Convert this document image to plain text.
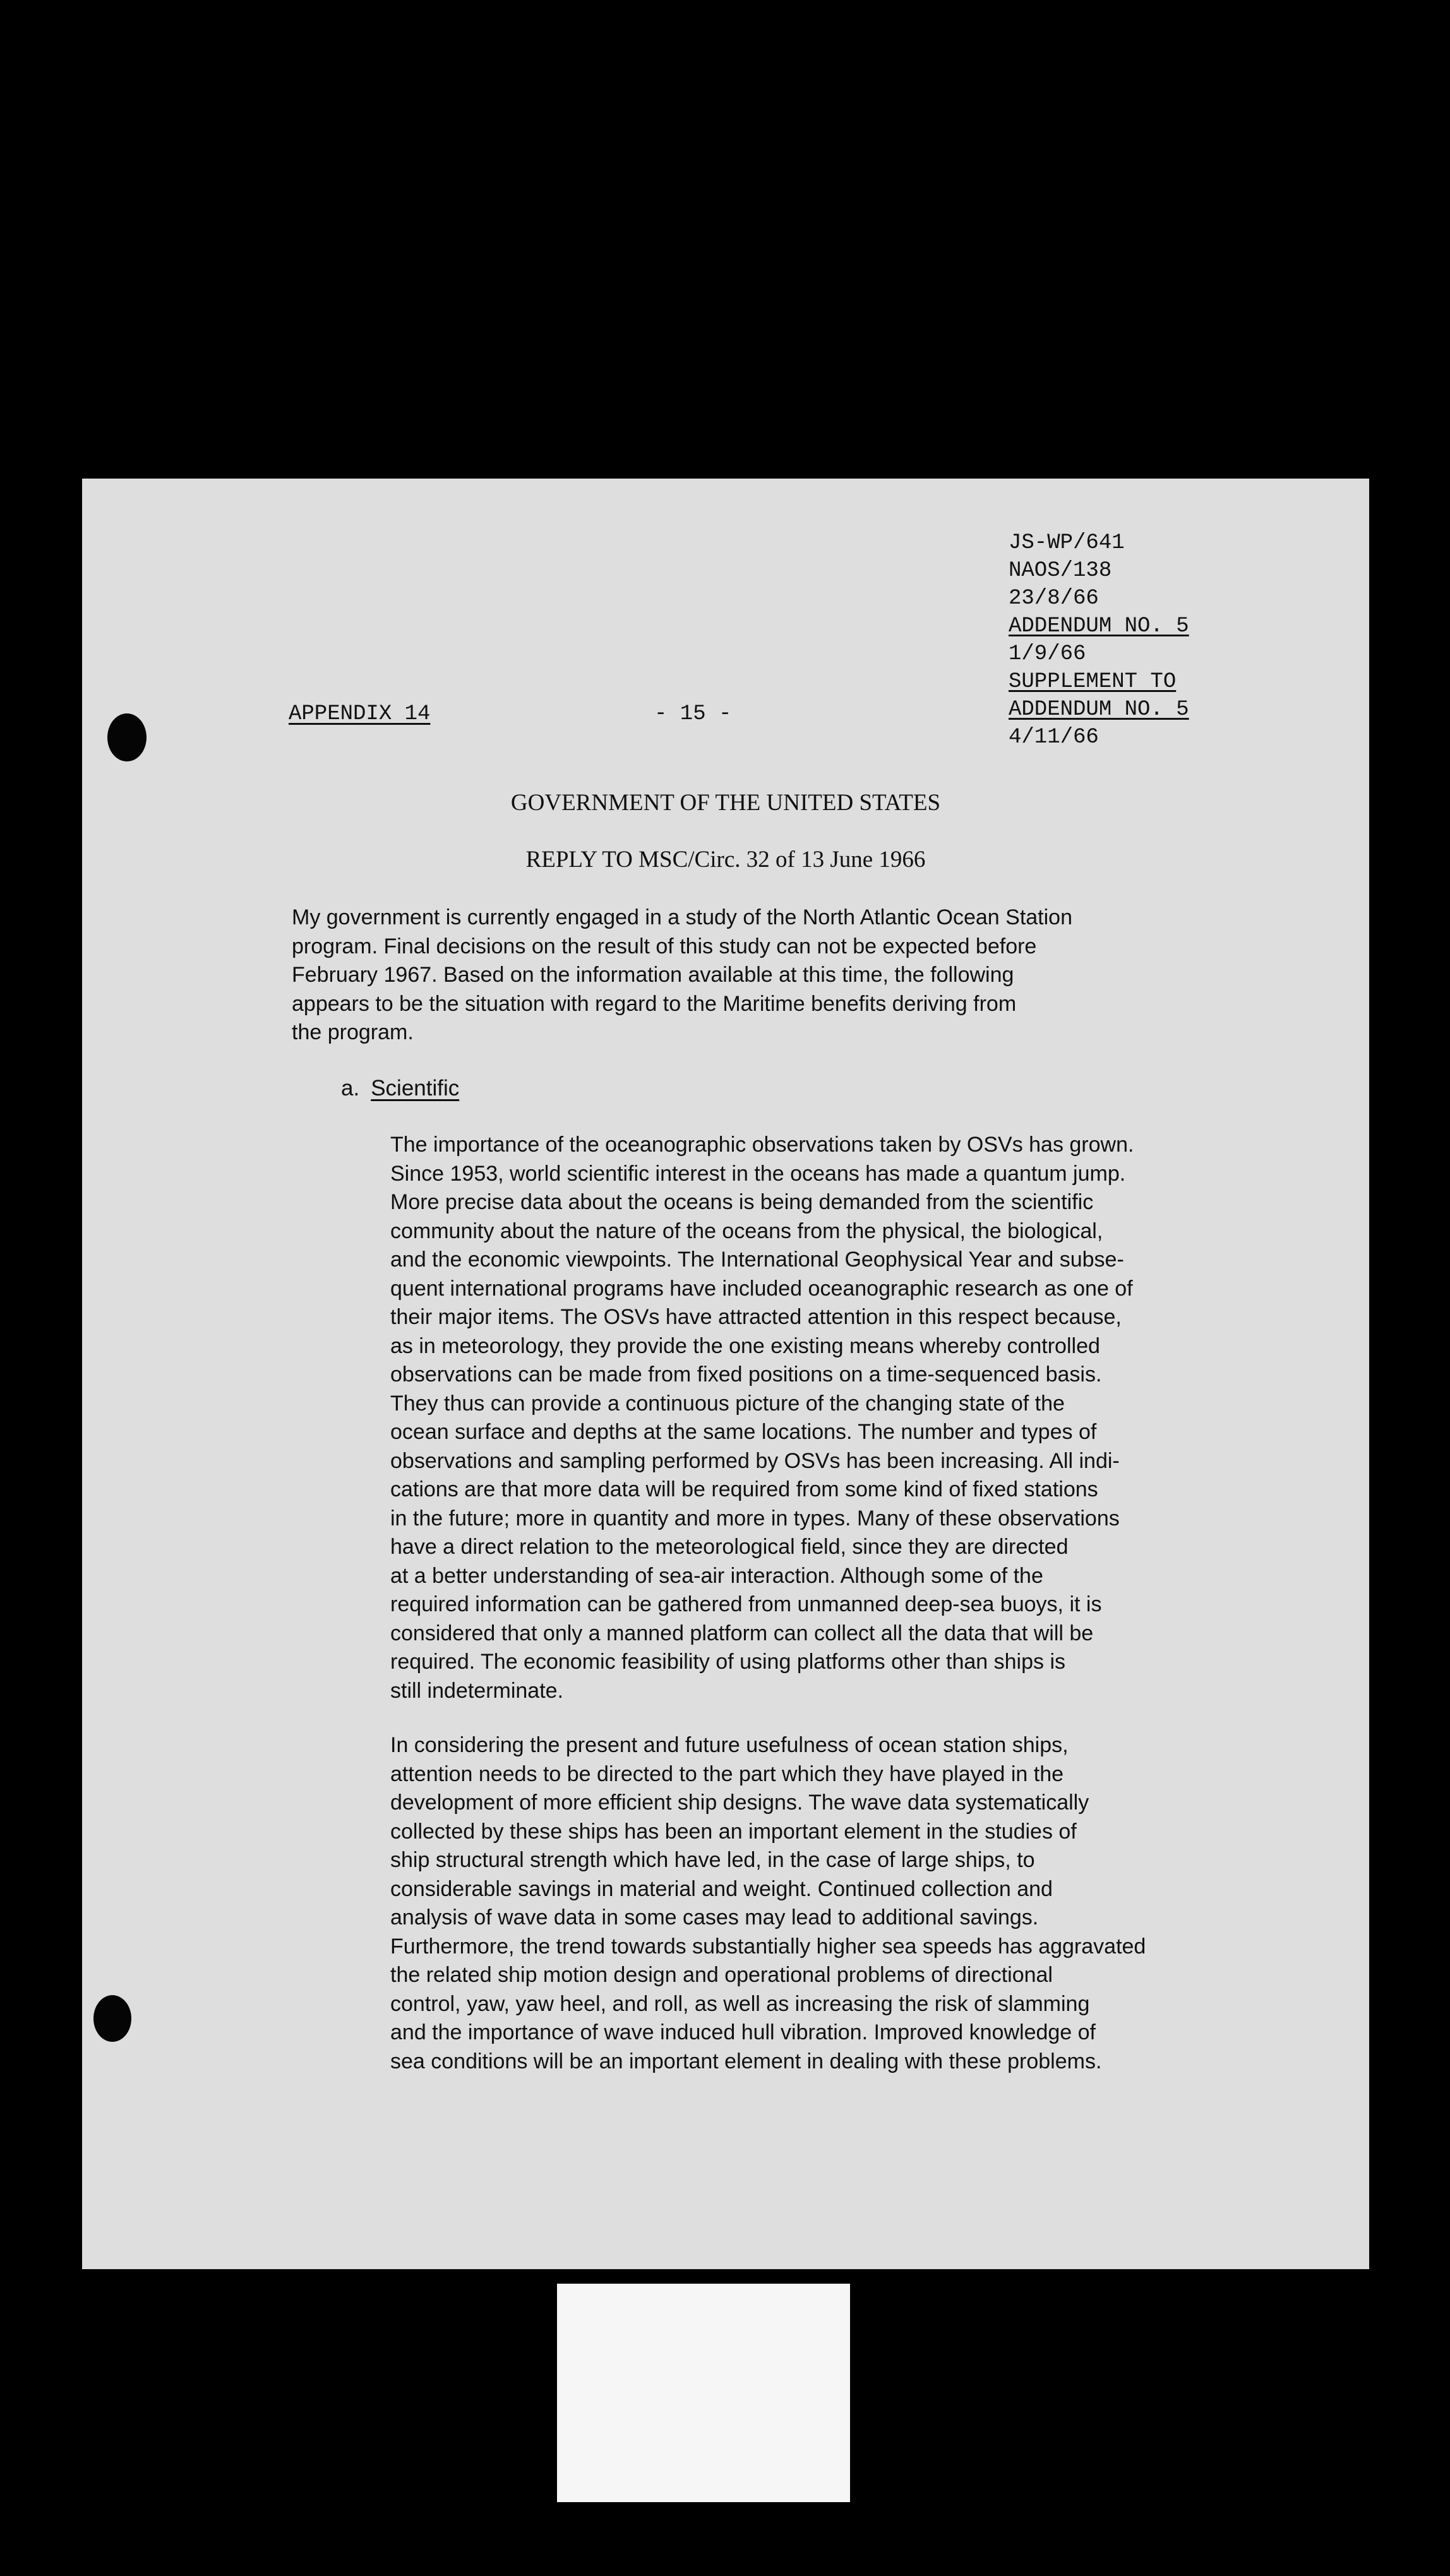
JS-WP/641
NAOS/138
23/8/66
ADDENDUM NO. 5
1/9/66
SUPPLEMENT TO
ADDENDUM NO. 5
4/11/66
APPENDIX 14	- 15 -
GOVERNMENT OF THE UNITED STATES
REPLY TO MSC/Circ. 32 of 13 June 1966
My government is currently engaged in a study of the North Atlantic Ocean Station
program. Final decisions on the result of this study can not be expected before
February 1967. Based on the information available at this time, the following
appears to be the situation with regard to the Maritime benefits deriving from
the program.
a. Scientific
The importance of the oceanographic observations taken by OSVs has grown.
Since 1953, world scientific interest in the oceans has made a quantum jump.
More precise data about the oceans is being demanded from the scientific
community about the nature of the oceans from the physical, the biological,
and the economic viewpoints. The International Geophysical Year and subse-
quent international programs have included oceanographic research as one of
their major items. The OSVs have attracted attention in this respect because,
as in meteorology, they provide the one existing means whereby controlled
observations can be made from fixed positions on a time-sequenced basis.
They thus can provide a continuous picture of the changing state of the
ocean surface and depths at the same locations. The number and types of
observations and sampling performed by OSVs has been increasing. All indi-
cations are that more data will be required from some kind of fixed stations
in the future; more in quantity and more in types. Many of these observations
have a direct relation to the meteorological field, since they are directed
at a better understanding of sea-air interaction. Although some of the
required information can be gathered from unmanned deep-sea buoys, it is
considered that only a manned platform can collect all the data that will be
required. The economic feasibility of using platforms other than ships is
still indeterminate.
In considering the present and future usefulness of ocean station ships,
attention needs to be directed to the part which they have played in the
development of more efficient ship designs. The wave data systematically
collected by these ships has been an important element in the studies of
ship structural strength which have led, in the case of large ships, to
considerable savings in material and weight. Continued collection and
analysis of wave data in some cases may lead to additional savings.
Furthermore, the trend towards substantially higher sea speeds has aggravated
the related ship motion design and operational problems of directional
control, yaw, yaw heel, and roll, as well as increasing the risk of slamming
and the importance of wave induced hull vibration. Improved knowledge of
sea conditions will be an important element in dealing with these problems.
